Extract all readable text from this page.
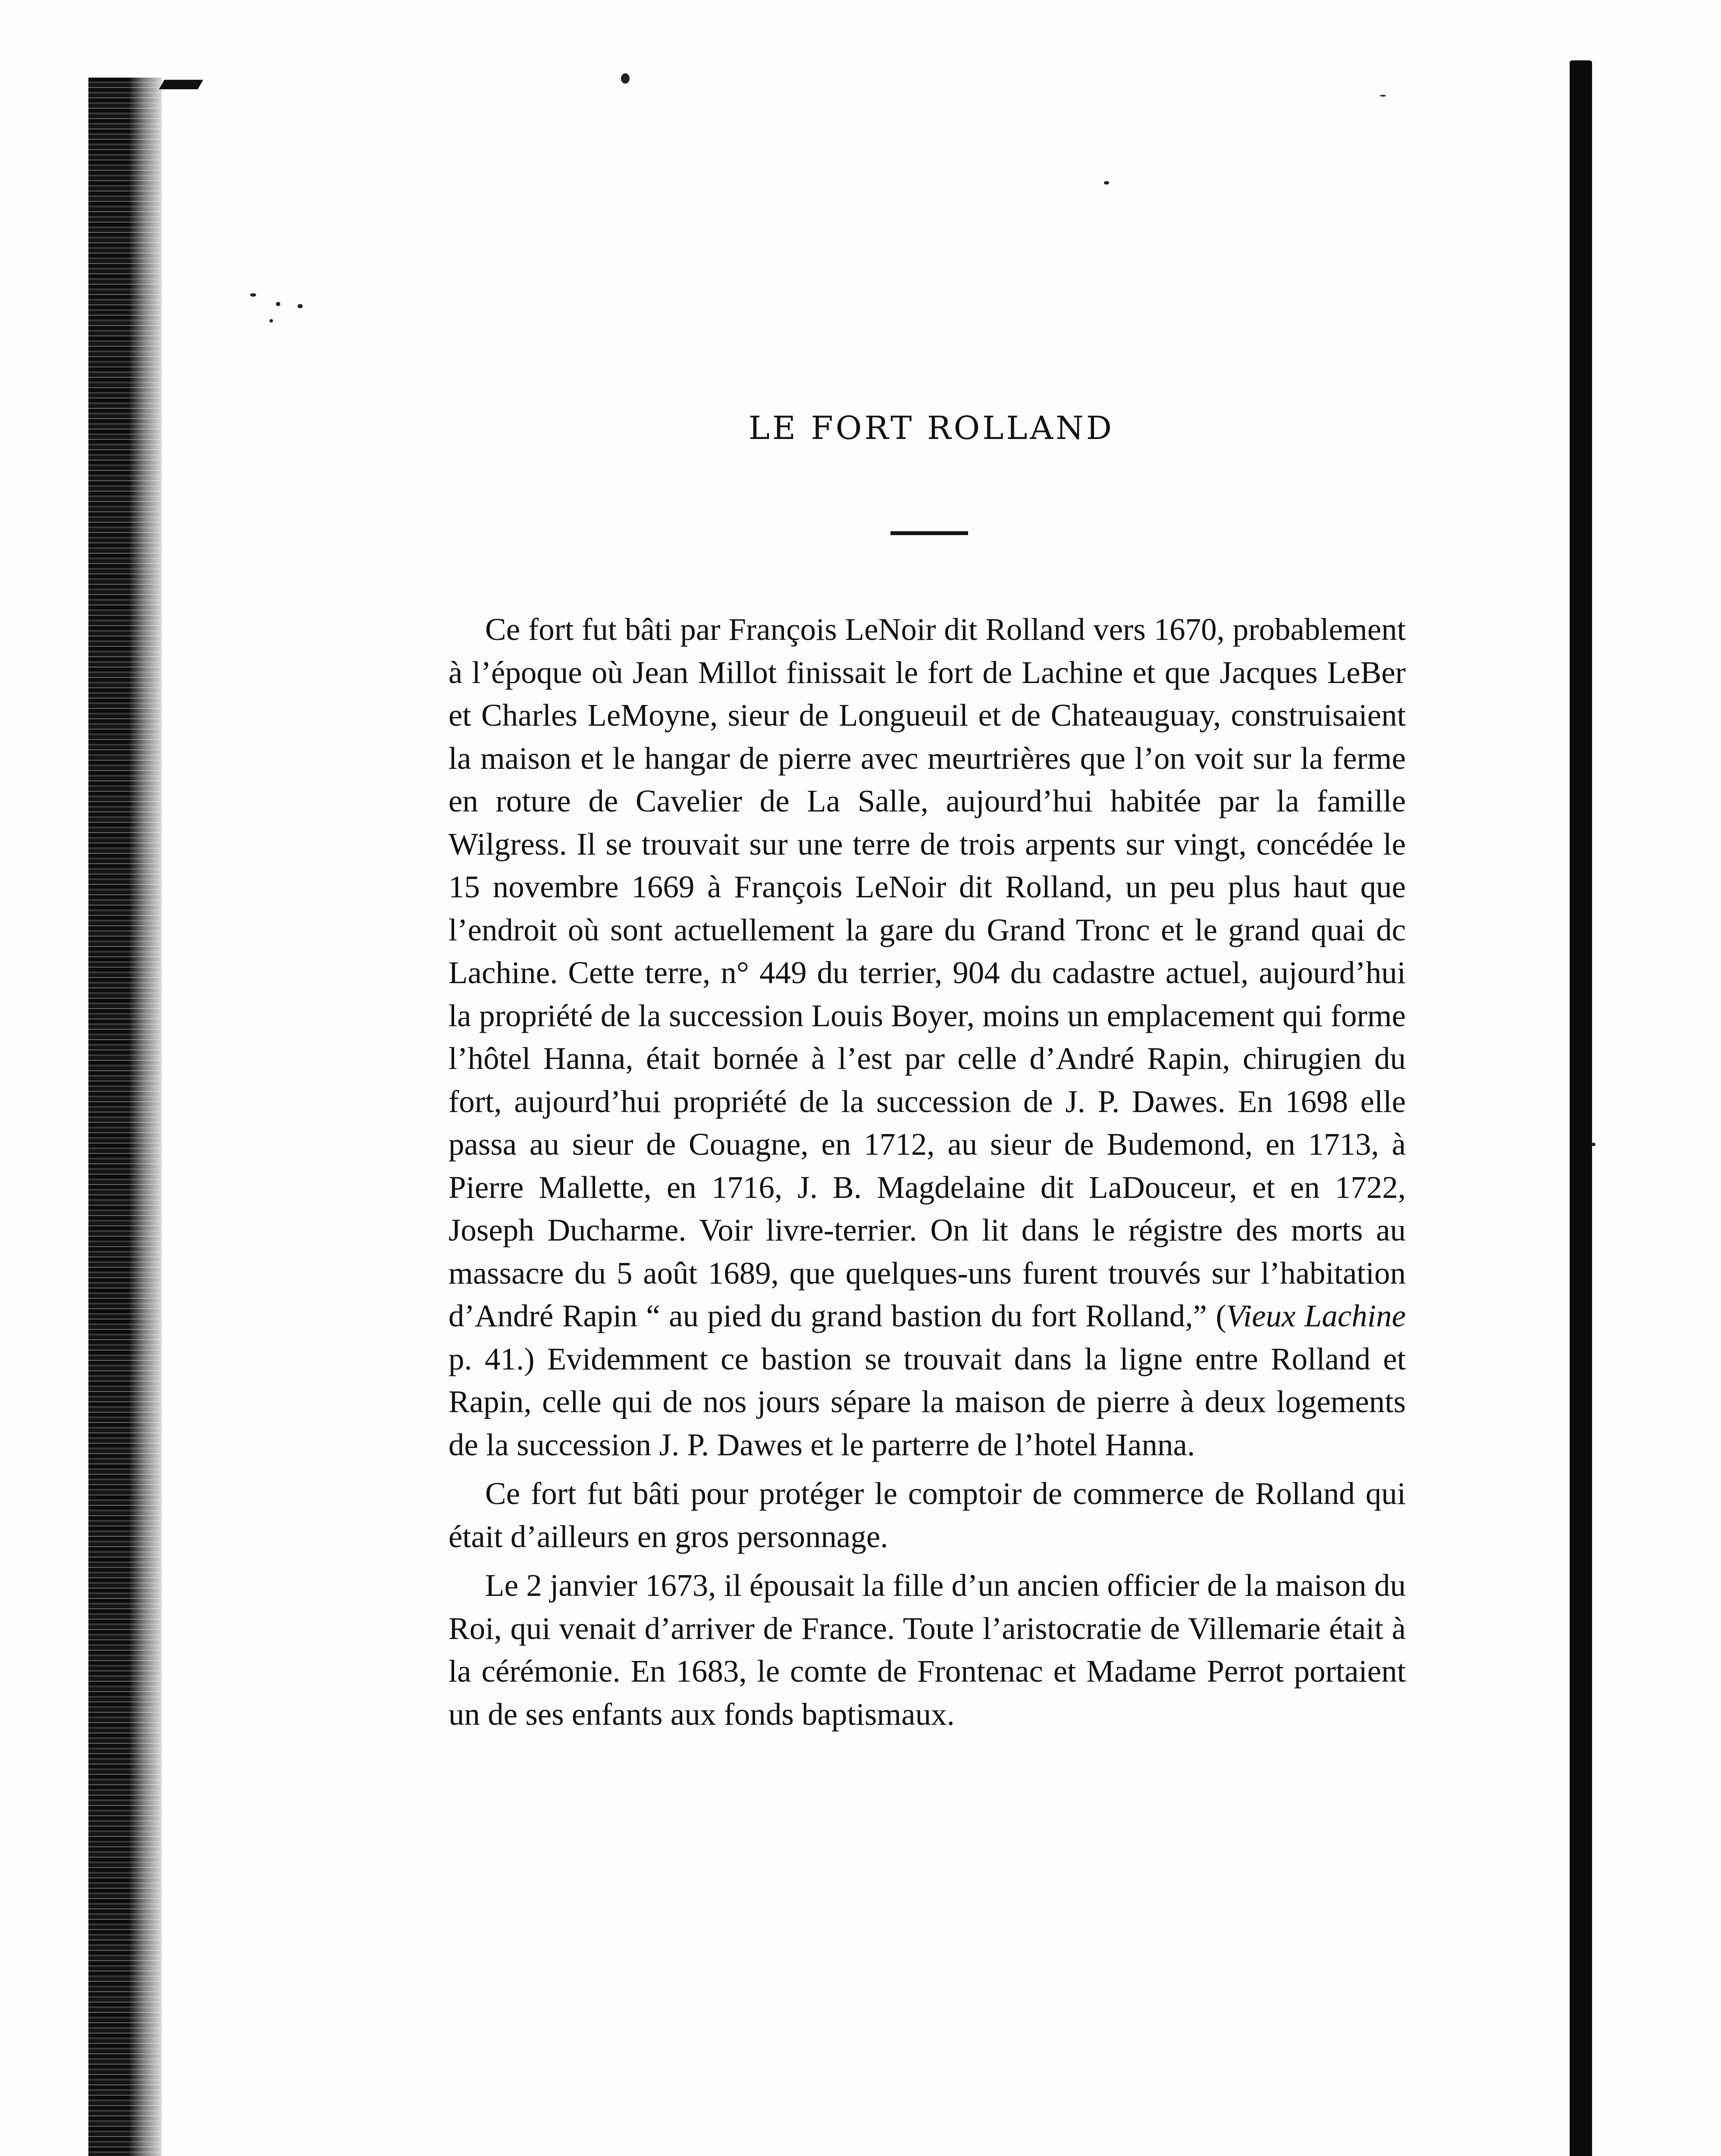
LE FORT ROLLAND

Ce fort fut bâti par François LeNoir dit Rolland vers 1670, probablement à l’époque où Jean Millot finissait le fort de Lachine et que Jacques LeBer et Charles LeMoyne, sieur de Longueuil et de Chateauguay, construisaient la maison et le hangar de pierre avec meurtrières que l’on voit sur la ferme en roture de Cavelier de La Salle, aujourd’hui habitée par la famille Wilgress. Il se trouvait sur une terre de trois arpents sur vingt, concédée le 15 novembre 1669 à François LeNoir dit Rolland, un peu plus haut que l’endroit où sont actuellement la gare du Grand Tronc et le grand quai dc Lachine. Cette terre, n° 449 du terrier, 904 du cadastre actuel, aujourd’hui la propriété de la succession Louis Boyer, moins un emplacement qui forme l’hôtel Hanna, était bornée à l’est par celle d’André Rapin, chirugien du fort, aujourd’hui propriété de la succession de J. P. Dawes. En 1698 elle passa au sieur de Couagne, en 1712, au sieur de Budemond, en 1713, à Pierre Mallette, en 1716, J. B. Magdelaine dit LaDouceur, et en 1722, Joseph Ducharme. Voir livre-terrier. On lit dans le régistre des morts au massacre du 5 août 1689, que quelques-uns furent trouvés sur l’habitation d’André Rapin “ au pied du grand bastion du fort Rolland,” (Vieux Lachine p. 41.) Evidemment ce bastion se trouvait dans la ligne entre Rolland et Rapin, celle qui de nos jours sépare la maison de pierre à deux logements de la succession J. P. Dawes et le parterre de l’hotel Hanna.

Ce fort fut bâti pour protéger le comptoir de commerce de Rolland qui était d’ailleurs en gros personnage.

Le 2 janvier 1673, il épousait la fille d’un ancien officier de la maison du Roi, qui venait d’arriver de France. Toute l’aristocratie de Villemarie était à la cérémonie. En 1683, le comte de Frontenac et Madame Perrot portaient un de ses enfants aux fonds baptismaux.
